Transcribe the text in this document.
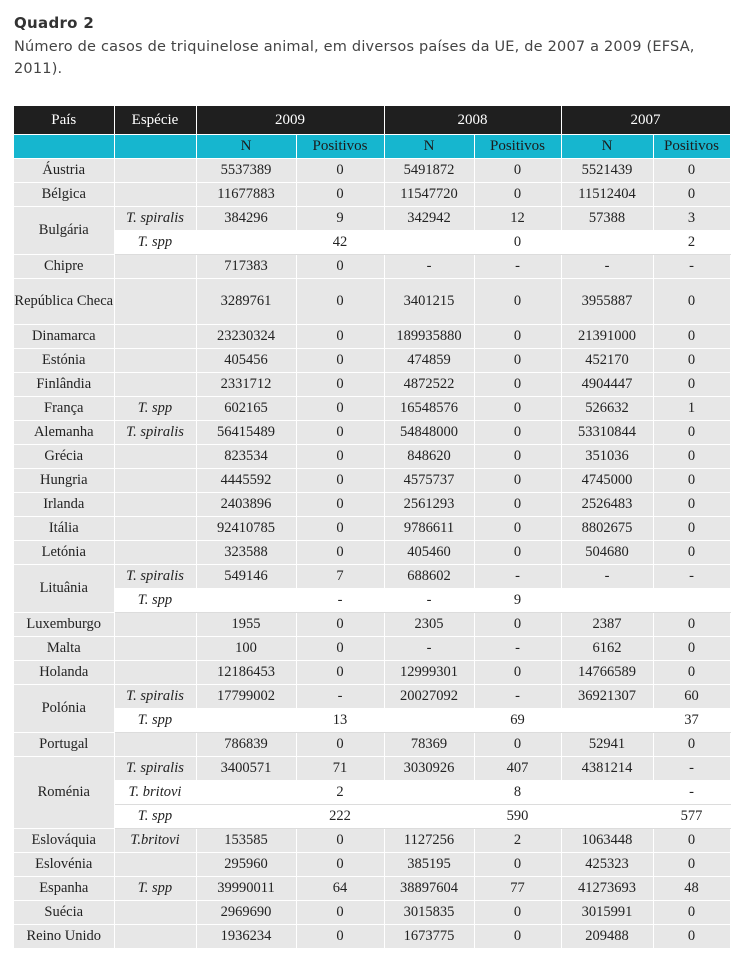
Quadro 2
Número de casos de triquinelose animal, em diversos países da UE, de 2007 a 2009 (EFSA, 2011).
País	Espécie	2009		2008		2007	
		N	Positivos	N	Positivos	N	Positivos
Áustria		5537389	0	5491872	0	5521439	0
Bélgica		11677883	0	11547720	0	11512404	0
Bulgária	T. spiralis	384296	9	342942	12	57388	3
	T. spp		42		0		2
Chipre		717383	0	-	-	-	-
República Checa		3289761	0	3401215	0	3955887	0
Dinamarca		23230324	0	189935880	0	21391000	0
Estónia		405456	0	474859	0	452170	0
Finlândia		2331712	0	4872522	0	4904447	0
França	T. spp	602165	0	16548576	0	526632	1
Alemanha	T. spiralis	56415489	0	54848000	0	53310844	0
Grécia		823534	0	848620	0	351036	0
Hungria		4445592	0	4575737	0	4745000	0
Irlanda		2403896	0	2561293	0	2526483	0
Itália		92410785	0	9786611	0	8802675	0
Letónia		323588	0	405460	0	504680	0
Lituânia	T. spiralis	549146	7	688602	-	-	-
	T. spp		-	-	9		
Luxemburgo		1955	0	2305	0	2387	0
Malta		100	0	-	-	6162	0
Holanda		12186453	0	12999301	0	14766589	0
Polónia	T. spiralis	17799002	-	20027092	-	36921307	60
	T. spp		13		69		37
Portugal		786839	0	78369	0	52941	0
Roménia	T. spiralis	3400571	71	3030926	407	4381214	-
	T. britovi		2		8		-
	T. spp		222		590		577
Eslováquia	T.britovi	153585	0	1127256	2	1063448	0
Eslovénia		295960	0	385195	0	425323	0
Espanha	T. spp	39990011	64	38897604	77	41273693	48
Suécia		2969690	0	3015835	0	3015991	0
Reino Unido		1936234	0	1673775	0	209488	0
